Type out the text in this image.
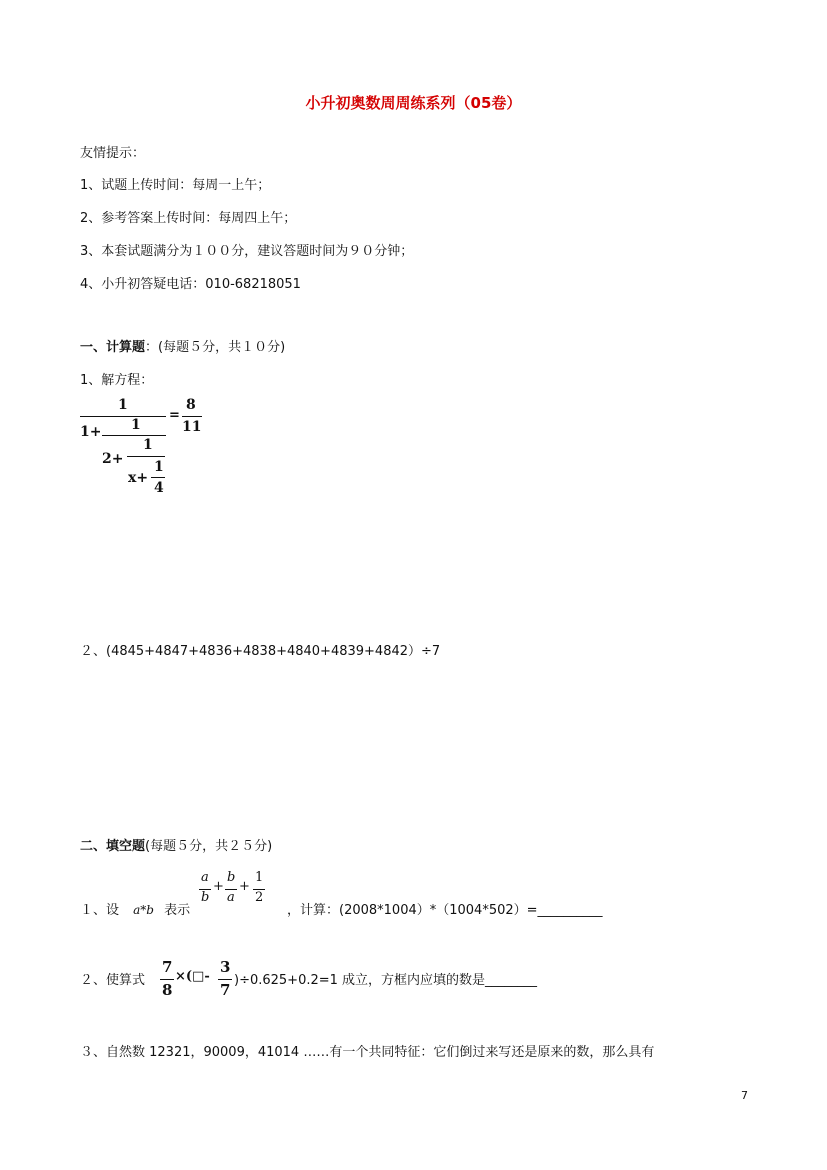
小升初奥数周周练系列（05卷）
友情提示：
1、试题上传时间：每周一上午；
2、参考答案上传时间：每周四上午；
3、本套试题满分为１００分，建议答题时间为９０分钟；
4、小升初答疑电话：010-68218051
一、计算题：(每题５分，共１０分)
1、解方程：
1
1+ 1
2+
1
x+
1
4
=
8
11
２、(4845+4847+4836+4838+4840+4839+4842）÷7
二、填空题(每题５分，共２５分)
１、设 a*b 表示
a
b
+
b
a
+
1
2
，计算：(2008*1004）*（1004*502）=__________
２、使算式
7
8
×(□-
3
7
)÷0.625+0.2=1 成立，方框内应填的数是________
３、自然数 12321，90009，41014 ……有一个共同特征：它们倒过来写还是原来的数，那么具有
7
